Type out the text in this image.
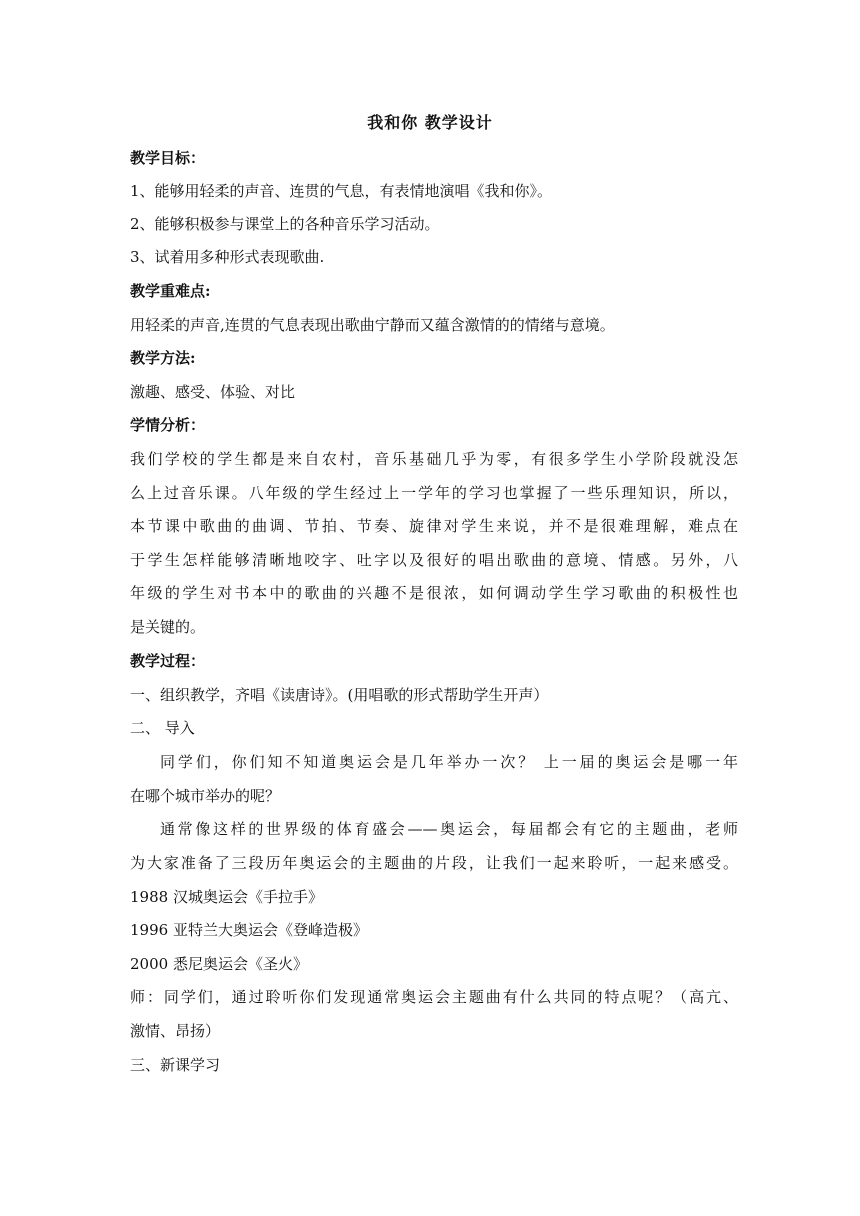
我和你 教学设计
教学目标：
1、能够用轻柔的声音、连贯的气息，有表情地演唱《我和你》。
2、能够积极参与课堂上的各种音乐学习活动。
3、试着用多种形式表现歌曲.
教学重难点:
用轻柔的声音,连贯的气息表现出歌曲宁静而又蕴含激情的的情绪与意境。
教学方法:
激趣、感受、体验、对比
学情分析：
我们学校的学生都是来自农村，音乐基础几乎为零，有很多学生小学阶段就没怎
么上过音乐课。八年级的学生经过上一学年的学习也掌握了一些乐理知识，所以，
本节课中歌曲的曲调、节拍、节奏、旋律对学生来说，并不是很难理解，难点在
于学生怎样能够清晰地咬字、吐字以及很好的唱出歌曲的意境、情感。另外，八
年级的学生对书本中的歌曲的兴趣不是很浓，如何调动学生学习歌曲的积极性也
是关键的。
教学过程：
一、组织教学，齐唱《读唐诗》。(用唱歌的形式帮助学生开声）
二、 导入
同学们，你们知不知道奥运会是几年举办一次？ 上一届的奥运会是哪一年
在哪个城市举办的呢？
通常像这样的世界级的体育盛会——奥运会，每届都会有它的主题曲，老师
为大家准备了三段历年奥运会的主题曲的片段，让我们一起来聆听，一起来感受。
1988 汉城奥运会《手拉手》
1996 亚特兰大奥运会《登峰造极》
2000 悉尼奥运会《圣火》
师：同学们，通过聆听你们发现通常奥运会主题曲有什么共同的特点呢？（高亢、
激情、昂扬）
三、新课学习
